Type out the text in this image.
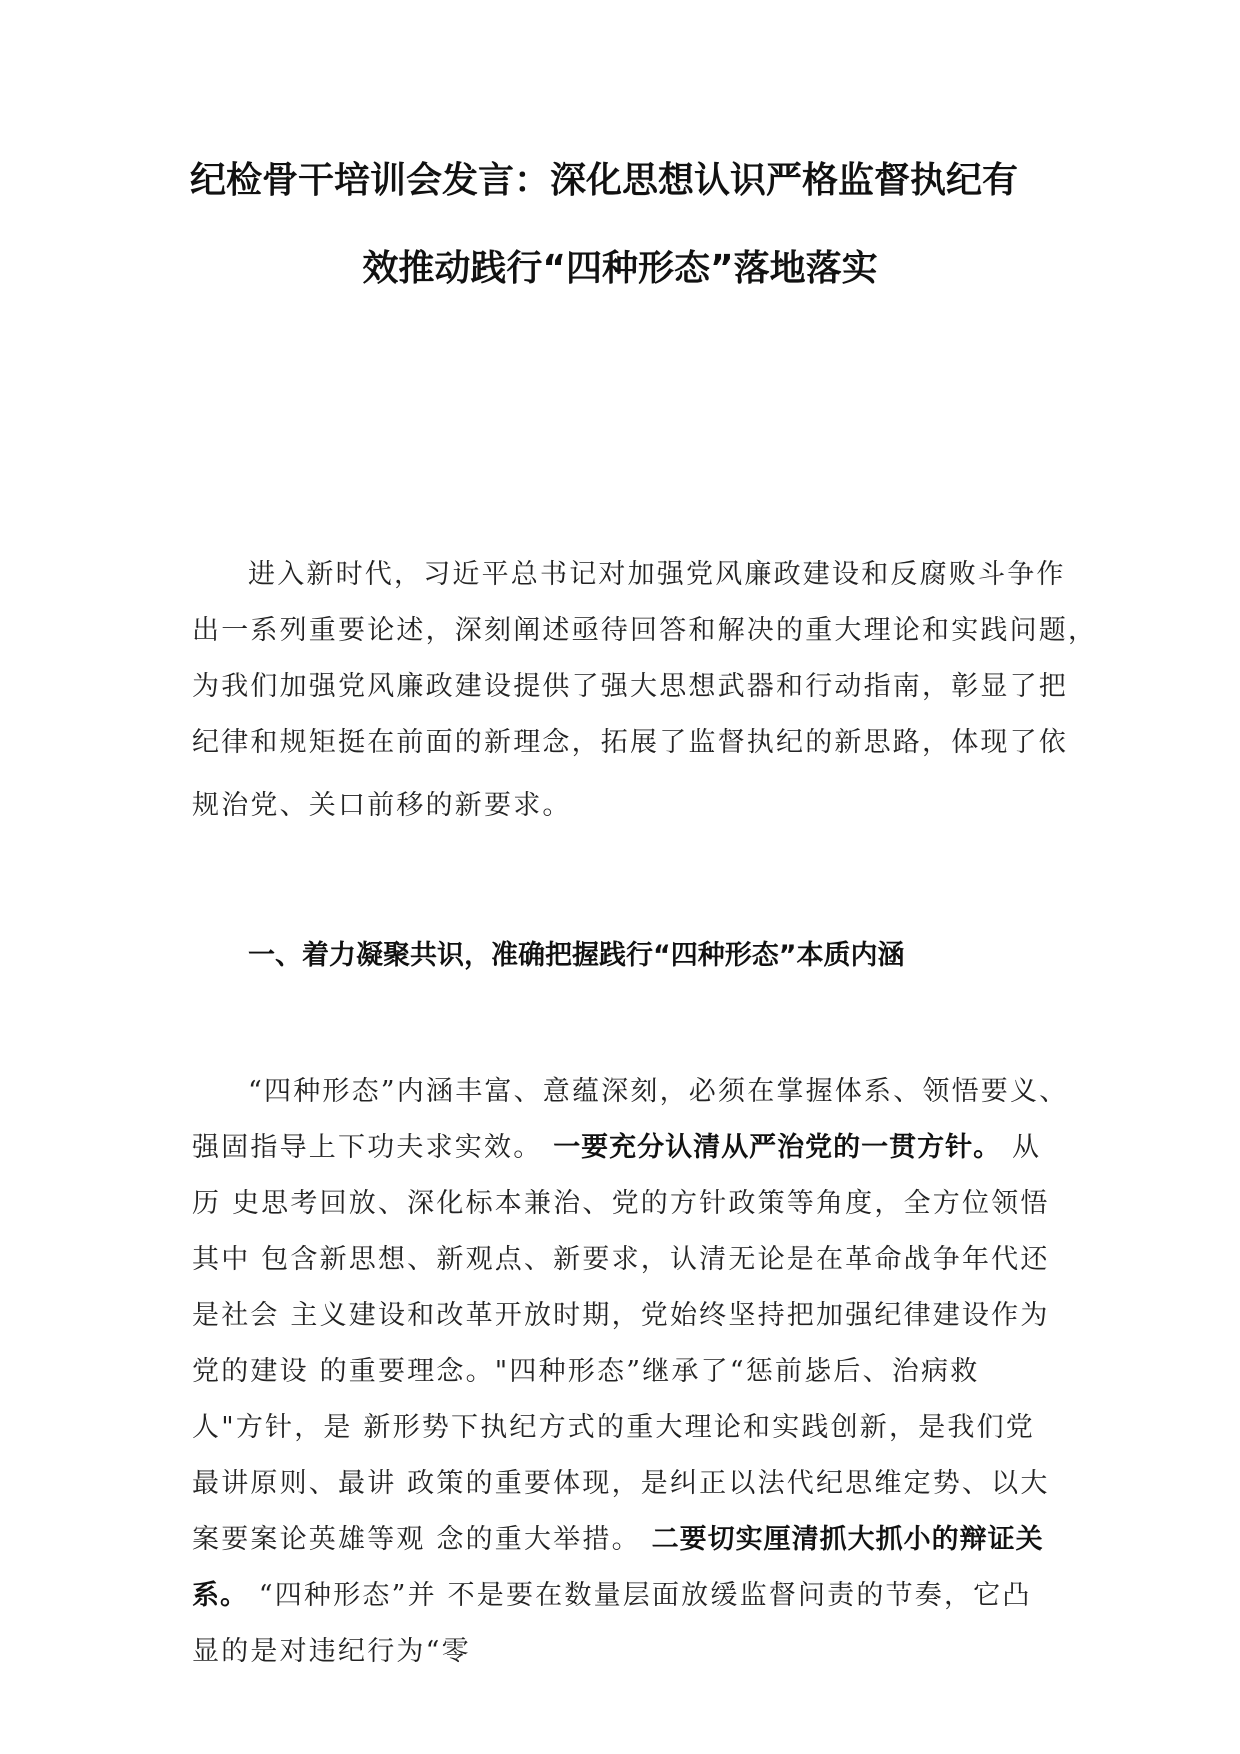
纪检骨干培训会发言：深化思想认识严格监督执纪有
效推动践行“四种形态”落地落实
进入新时代，习近平总书记对加强党风廉政建设和反腐败斗争作
出一系列重要论述，深刻阐述亟待回答和解决的重大理论和实践问题，
为我们加强党风廉政建设提供了强大思想武器和行动指南，彰显了把
纪律和规矩挺在前面的新理念，拓展了监督执纪的新思路，体现了依
规治党、关口前移的新要求。
一、着力凝聚共识，准确把握践行“四种形态”本质内涵
“四种形态”内涵丰富、意蕴深刻，必须在掌握体系、领悟要义、
强固指导上下功夫求实效。 一要充分认清从严治党的一贯方针。 从
历 史思考回放、深化标本兼治、党的方针政策等角度，全方位领悟
其中 包含新思想、新观点、新要求，认清无论是在革命战争年代还
是社会 主义建设和改革开放时期，党始终坚持把加强纪律建设作为
党的建设 的重要理念。"四种形态”继承了“惩前毖后、治病救
人"方针，是 新形势下执纪方式的重大理论和实践创新，是我们党
最讲原则、最讲 政策的重要体现，是纠正以法代纪思维定势、以大
案要案论英雄等观 念的重大举措。 二要切实厘清抓大抓小的辩证关
系。 “四种形态”并 不是要在数量层面放缓监督问责的节奏，它凸
显的是对违纪行为“零
